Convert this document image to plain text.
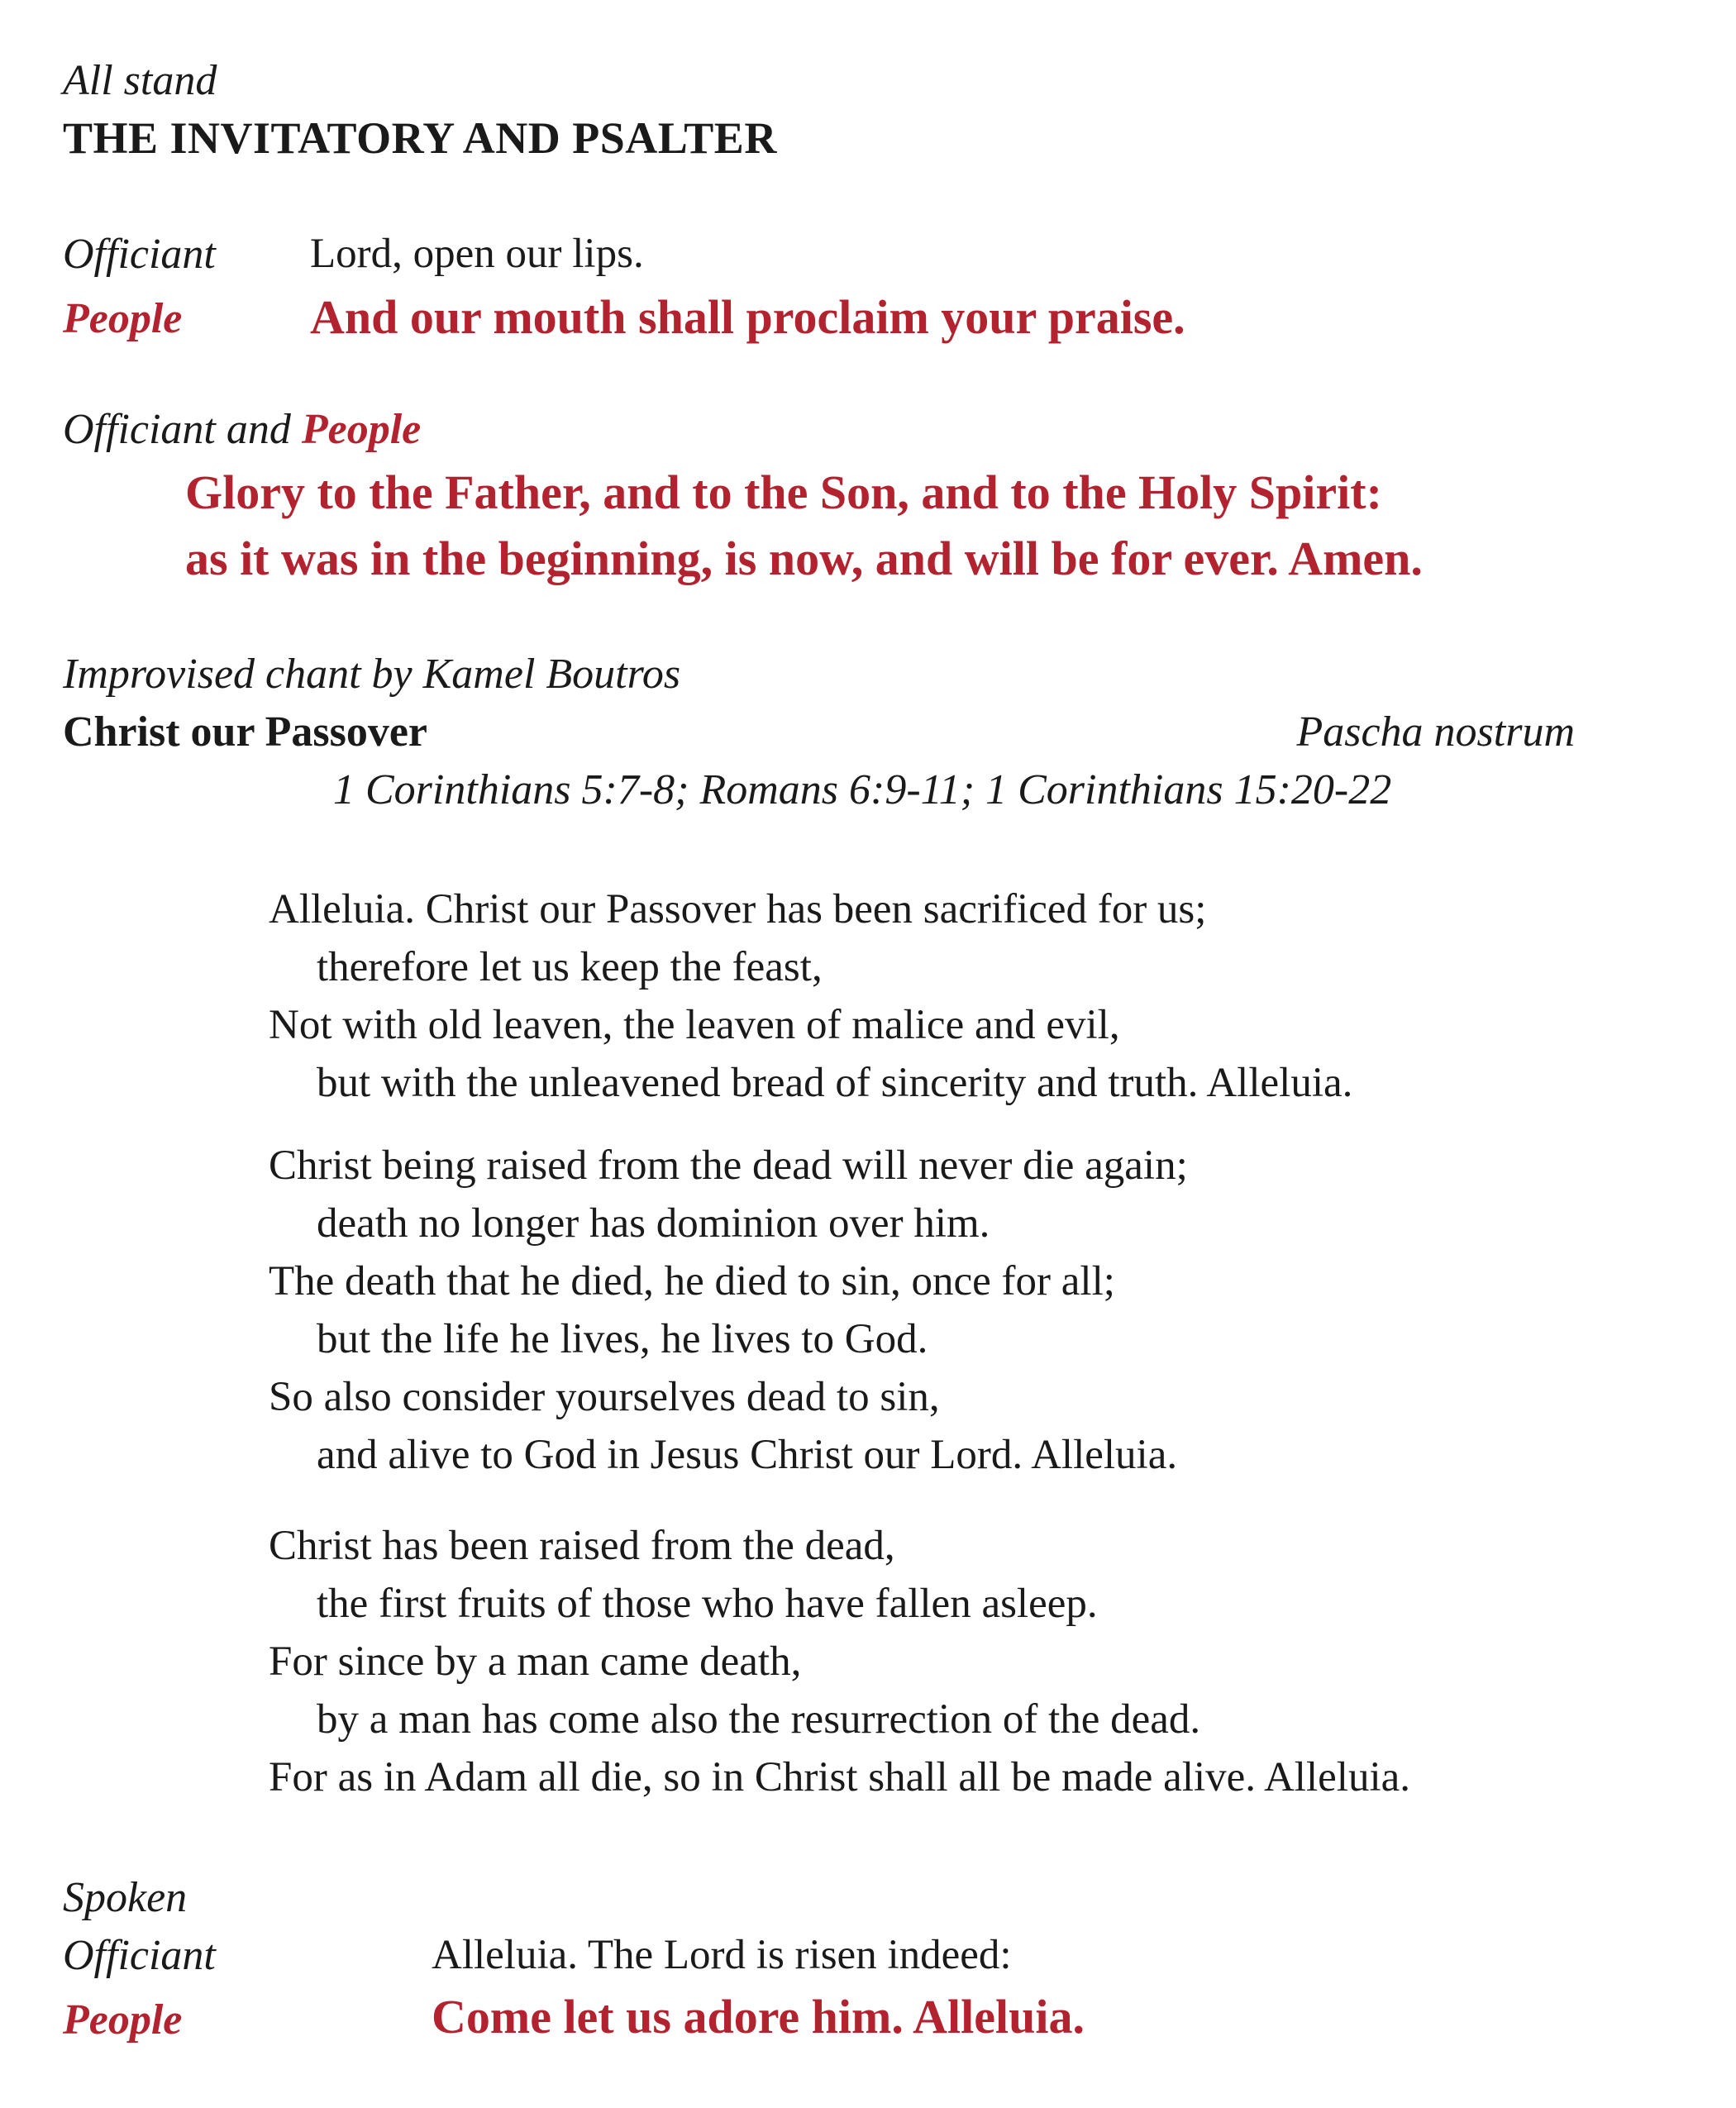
All stand
THE INVITATORY AND PSALTER
Officiant Lord, open our lips.
People	And our mouth shall proclaim your praise.
Officiant and People
Glory to the Father, and to the Son, and to the Holy Spirit:
as it was in the beginning, is now, and will be for ever. Amen.
Improvised chant by Kamel Boutros
Christ our Passover	Pascha nostrum
1 Corinthians 5:7-8; Romans 6:9-11; 1 Corinthians 15:20-22
Alleluia. Christ our Passover has been sacrificed for us;
therefore let us keep the feast,
Not with old leaven, the leaven of malice and evil,
but with the unleavened bread of sincerity and truth. Alleluia.
Christ being raised from the dead will never die again;
death no longer has dominion over him.
The death that he died, he died to sin, once for all;
but the life he lives, he lives to God.
So also consider yourselves dead to sin,
and alive to God in Jesus Christ our Lord. Alleluia.
Christ has been raised from the dead,
the first fruits of those who have fallen asleep.
For since by a man came death,
by a man has come also the resurrection of the dead.
For as in Adam all die, so in Christ shall all be made alive. Alleluia.
Spoken
Officiant	Alleluia. The Lord is risen indeed:
People	Come let us adore him. Alleluia.
